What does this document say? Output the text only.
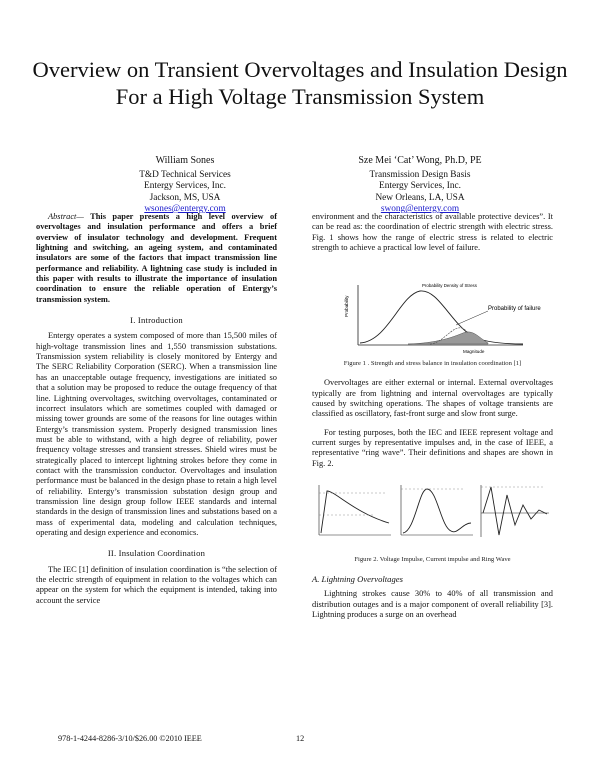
Overview on Transient Overvoltages and Insulation Design For a High Voltage Transmission System
William Sones
T&D Technical Services
Entergy Services, Inc.
Jackson, MS, USA
wsones@entergy.com
Sze Mei ‘Cat’ Wong, Ph.D, PE
Transmission Design Basis
Entergy Services, Inc.
New Orleans, LA, USA
swong@entergy.com

Abstract— This paper presents a high level overview of overvoltages and insulation performance and offers a brief overview of insulator technology and development. Frequent lightning and switching, an ageing system, and contaminated insulators are some of the factors that impact transmission line performance and reliability. A lightning case study is included in this paper with results to illustrate the importance of insulation coordination to ensure the reliable operation of Entergy’s transmission system.

I. Introduction

Entergy operates a system composed of more than 15,500 miles of high-voltage transmission lines and 1,550 transmission substations. Transmission system reliability is closely monitored by Entergy and The SERC Reliability Corporation (SERC). When a transmission line has an unacceptable outage frequency, investigations are initiated so that a solution may be proposed to reduce the outage frequency of that line. Lightning overvoltages, switching overvoltages, contaminated or incorrect insulators which are sometimes coupled with damaged or missing tower grounds are some of the reasons for line outages within Entergy’s transmission system. Properly designed transmission lines must be able to withstand, with a high degree of reliability, power frequency voltage stresses and transient stresses. Shield wires must be strategically placed to intercept lightning strokes before they come in contact with the transmission conductor. Overvoltages and insulation performance must be balanced in the design phase to retain a high level of reliability. Entergy’s transmission substation design group and transmission line design group follow IEEE standards and internal standards in the design of transmission lines and substations based on a mass of experimental data, modeling and calculation techniques, operating and design experience and economics.

II. Insulation Coordination

The IEC [1] definition of insulation coordination is “the selection of the electric strength of equipment in relation to the voltages which can appear on the system for which the equipment is intended, taking into account the service

environment and the characteristics of available protective devices”. It can be read as: the coordination of electric strength with electric stress. Fig. 1 shows how the range of electric stress is related to electric strength to achieve a practical low level of failure.

Probability
Probability Density of Stress
Probability of failure
Magnitude
Figure 1 . Strength and stress balance in insulation coordination [1]

Overvoltages are either external or internal. External overvoltages typically are from lightning and internal overvoltages are typically caused by switching operations. The shapes of voltage transients are classified as oscillatory, fast-front surge and slow front surge.

For testing purposes, both the IEC and IEEE represent voltage and current surges by representative impulses and, in the case of IEEE, a representative “ring wave”. Their definitions and shapes are shown in Fig. 2.

Figure 2. Voltage Impulse, Current impulse and Ring Wave
A. Lightning Overvoltages

Lightning strokes cause 30% to 40% of all transmission and distribution outages and is a major component of overall reliability [3]. Lightning produces a surge on an overhead

978-1-4244-8286-3/10/$26.00 ©2010 IEEE	12
